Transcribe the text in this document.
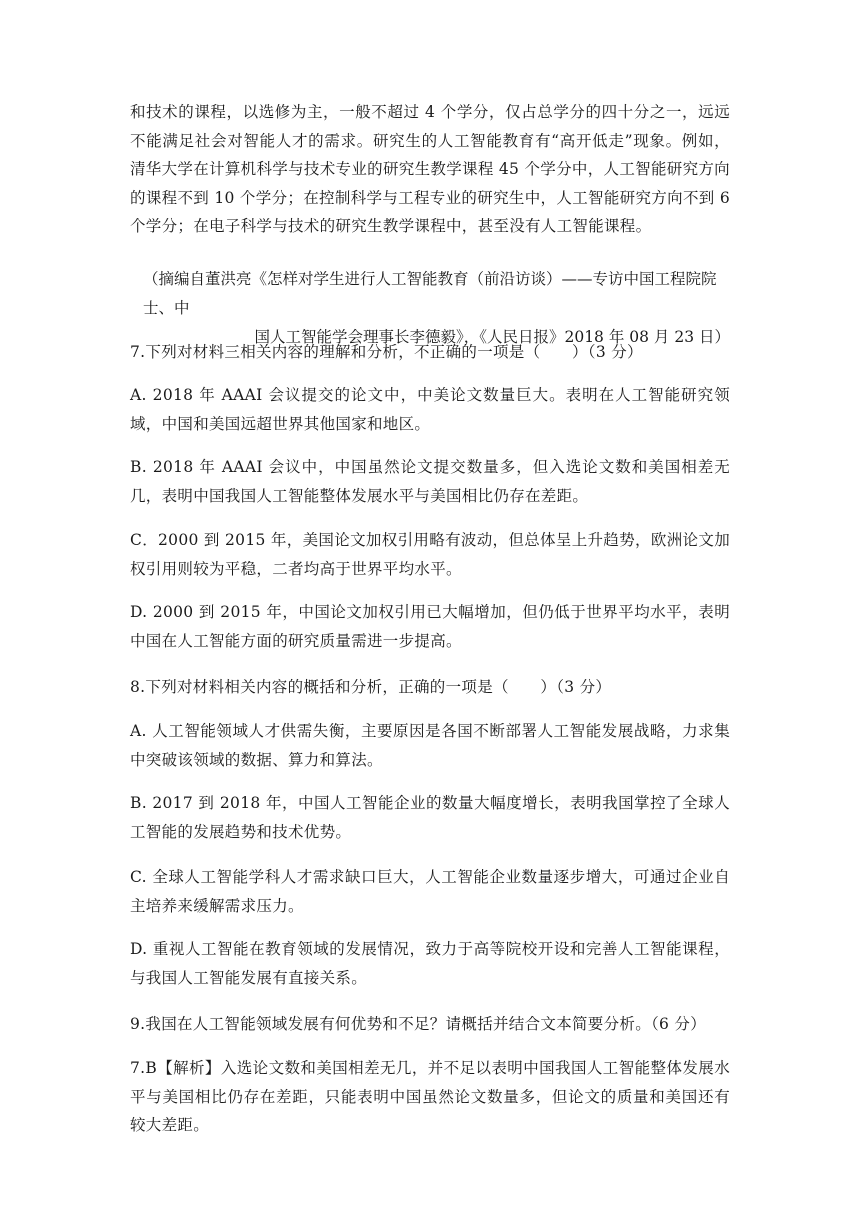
和技术的课程，以选修为主，一般不超过 4 个学分，仅占总学分的四十分之一，远远不能满足社会对智能人才的需求。研究生的人工智能教育有“高开低走”现象。例如，清华大学在计算机科学与技术专业的研究生教学课程 45 个学分中，人工智能研究方向的课程不到 10 个学分；在控制科学与工程专业的研究生中，人工智能研究方向不到 6 个学分；在电子科学与技术的研究生教学课程中，甚至没有人工智能课程。
（摘编自董洪亮《怎样对学生进行人工智能教育（前沿访谈）——专访中国工程院院士、中
国人工智能学会理事长李德毅》，《人民日报》2018 年 08 月 23 日）
7.下列对材料三相关内容的理解和分析，不正确的一项是（　　）（3 分）
A. 2018 年 AAAI 会议提交的论文中，中美论文数量巨大。表明在人工智能研究领域，中国和美国远超世界其他国家和地区。
B. 2018 年 AAAI 会议中，中国虽然论文提交数量多，但入选论文数和美国相差无几，表明中国我国人工智能整体发展水平与美国相比仍存在差距。
C．2000 到 2015 年，美国论文加权引用略有波动，但总体呈上升趋势，欧洲论文加权引用则较为平稳，二者均高于世界平均水平。
D. 2000 到 2015 年，中国论文加权引用已大幅增加，但仍低于世界平均水平，表明中国在人工智能方面的研究质量需进一步提高。
8.下列对材料相关内容的概括和分析，正确的一项是（　　）（3 分）
A. 人工智能领域人才供需失衡，主要原因是各国不断部署人工智能发展战略，力求集中突破该领域的数据、算力和算法。
B. 2017 到 2018 年，中国人工智能企业的数量大幅度增长，表明我国掌控了全球人工智能的发展趋势和技术优势。
C. 全球人工智能学科人才需求缺口巨大，人工智能企业数量逐步增大，可通过企业自主培养来缓解需求压力。
D. 重视人工智能在教育领域的发展情况，致力于高等院校开设和完善人工智能课程，与我国人工智能发展有直接关系。
9.我国在人工智能领域发展有何优势和不足？请概括并结合文本简要分析。（6 分）
7.B【解析】入选论文数和美国相差无几，并不足以表明中国我国人工智能整体发展水平与美国相比仍存在差距，只能表明中国虽然论文数量多，但论文的质量和美国还有较大差距。
